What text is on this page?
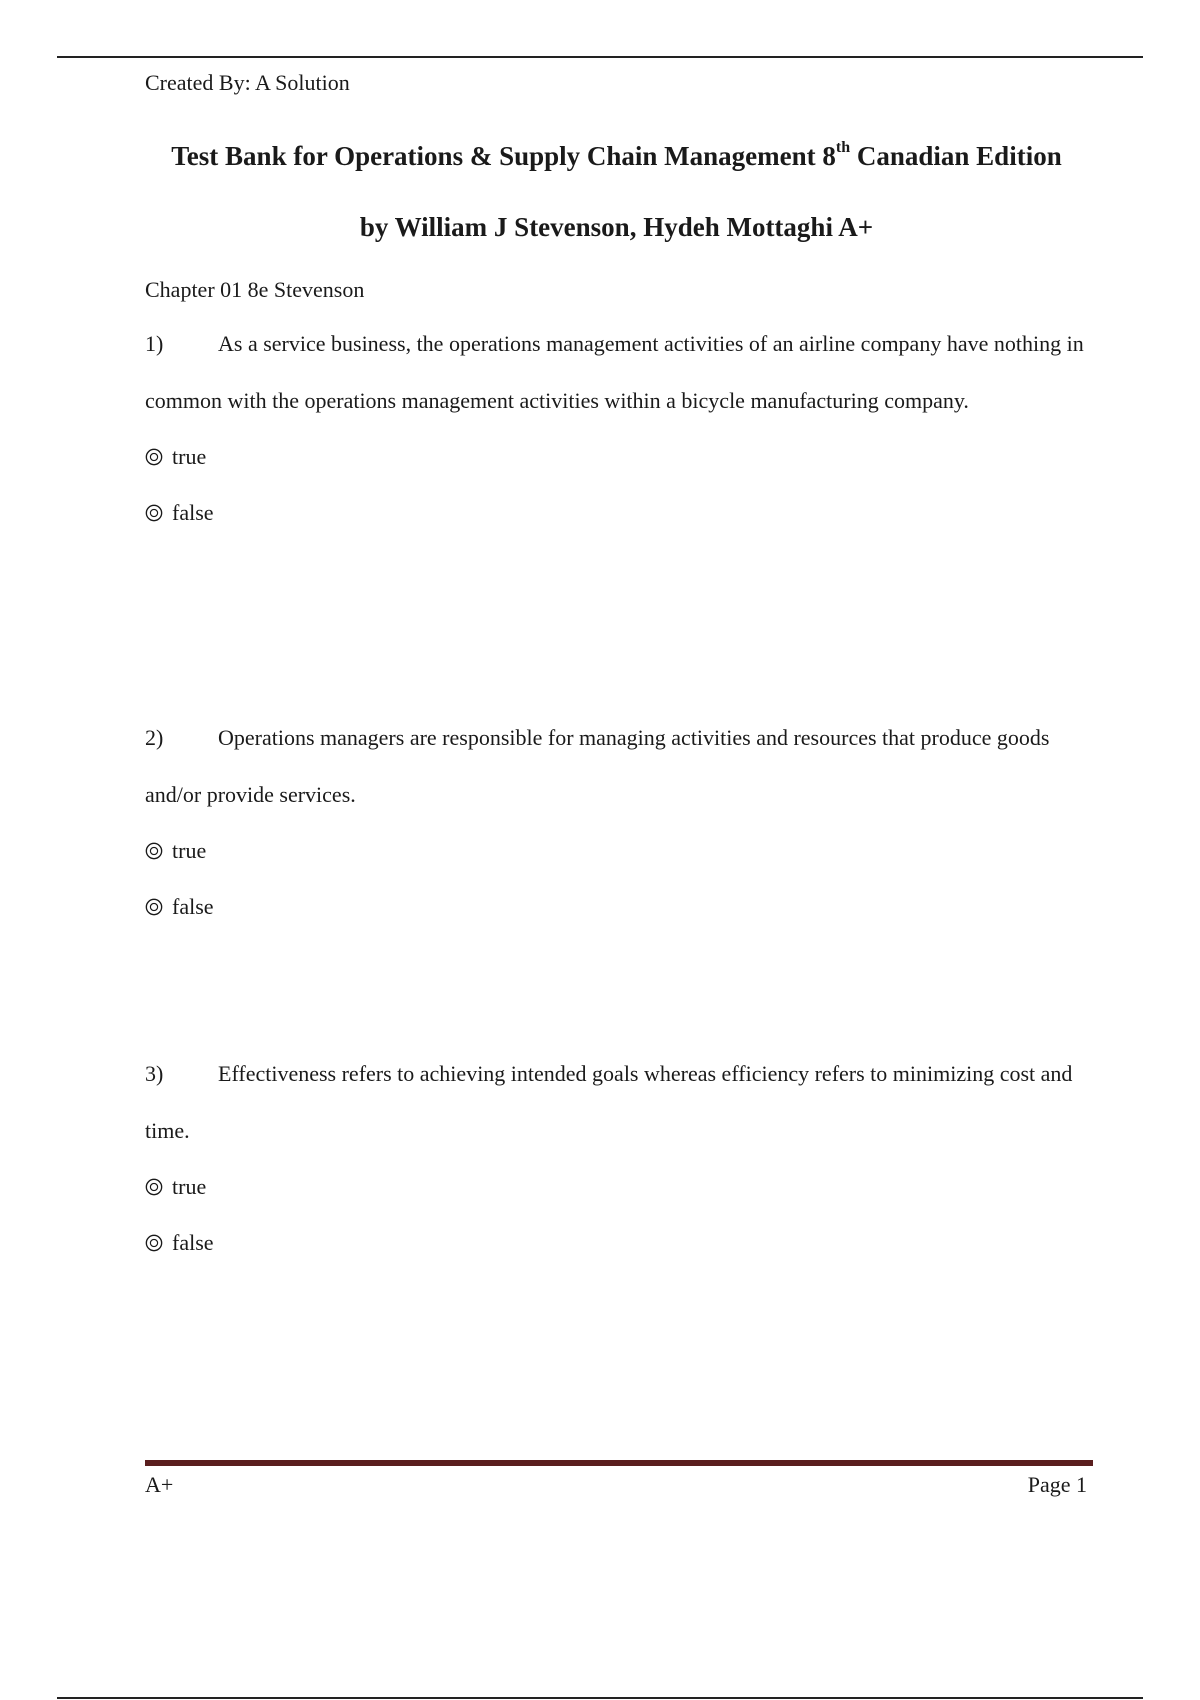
Created By: A Solution
Test Bank for Operations & Supply Chain Management 8th Canadian Edition
by William J Stevenson, Hydeh Mottaghi A+
Chapter 01 8e Stevenson

1) As a service business, the operations management activities of an airline company have nothing in common with the operations management activities within a bicycle manufacturing company.

true
false

2) Operations managers are responsible for managing activities and resources that produce goods and/or provide services.

true
false

3) Effectiveness refers to achieving intended goals whereas efficiency refers to minimizing cost and time.

true
false
A+	Page 1
